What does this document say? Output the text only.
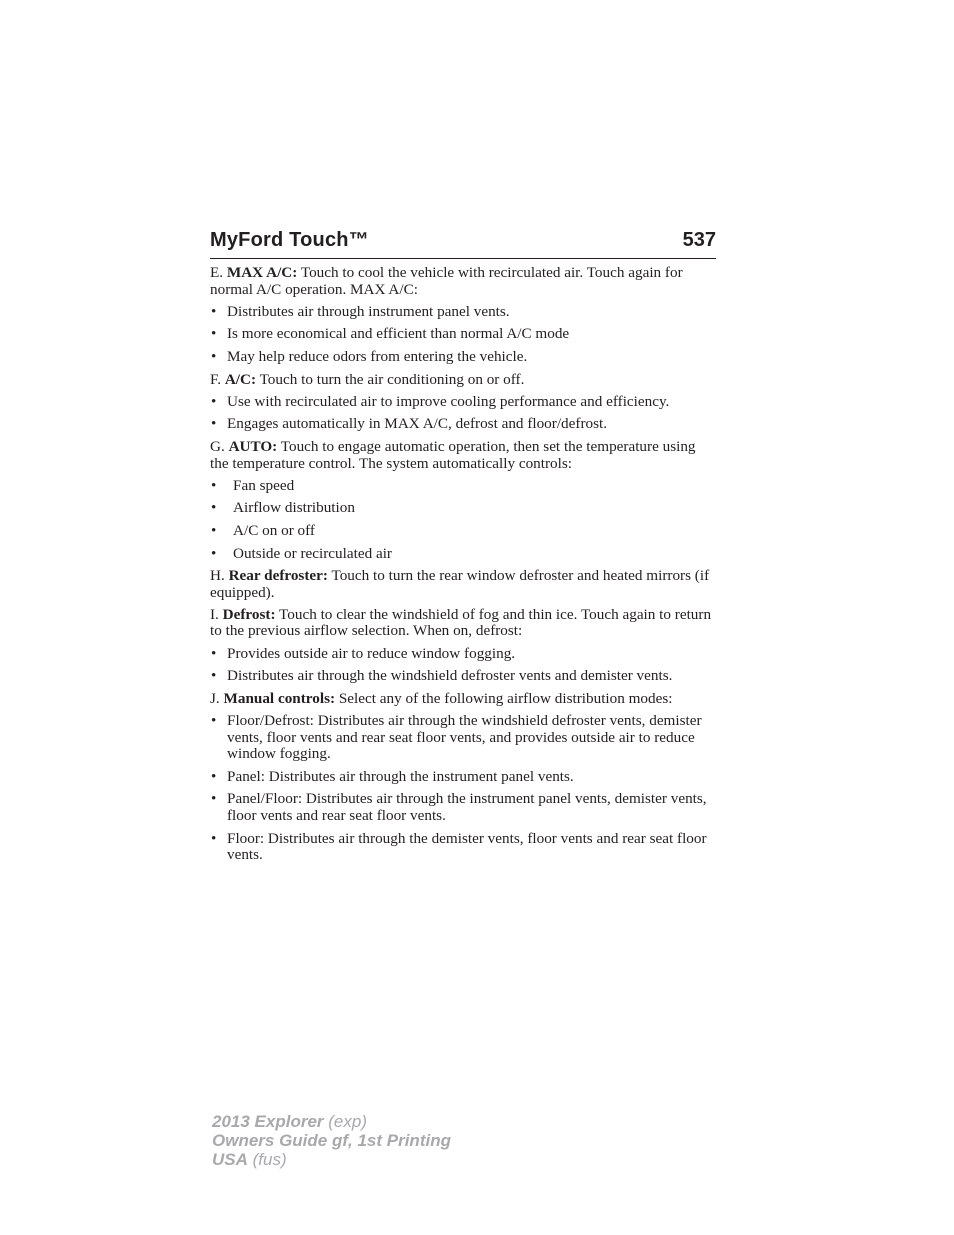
MyFord Touch™	537

E. MAX A/C: Touch to cool the vehicle with recirculated air. Touch again for normal A/C operation. MAX A/C:

• Distributes air through instrument panel vents.
• Is more economical and efficient than normal A/C mode
• May help reduce odors from entering the vehicle.

F. A/C: Touch to turn the air conditioning on or off.

• Use with recirculated air to improve cooling performance and efficiency.
• Engages automatically in MAX A/C, defrost and floor/defrost.

G. AUTO: Touch to engage automatic operation, then set the temperature using the temperature control. The system automatically controls:

• Fan speed
• Airflow distribution
• A/C on or off
• Outside or recirculated air

H. Rear defroster: Touch to turn the rear window defroster and heated mirrors (if equipped).

I. Defrost: Touch to clear the windshield of fog and thin ice. Touch again to return to the previous airflow selection. When on, defrost:

• Provides outside air to reduce window fogging.
• Distributes air through the windshield defroster vents and demister vents.

J. Manual controls: Select any of the following airflow distribution modes:

• Floor/Defrost: Distributes air through the windshield defroster vents, demister vents, floor vents and rear seat floor vents, and provides outside air to reduce window fogging.
• Panel: Distributes air through the instrument panel vents.
• Panel/Floor: Distributes air through the instrument panel vents, demister vents, floor vents and rear seat floor vents.
• Floor: Distributes air through the demister vents, floor vents and rear seat floor vents.
2013 Explorer (exp)
Owners Guide gf, 1st Printing
USA (fus)
